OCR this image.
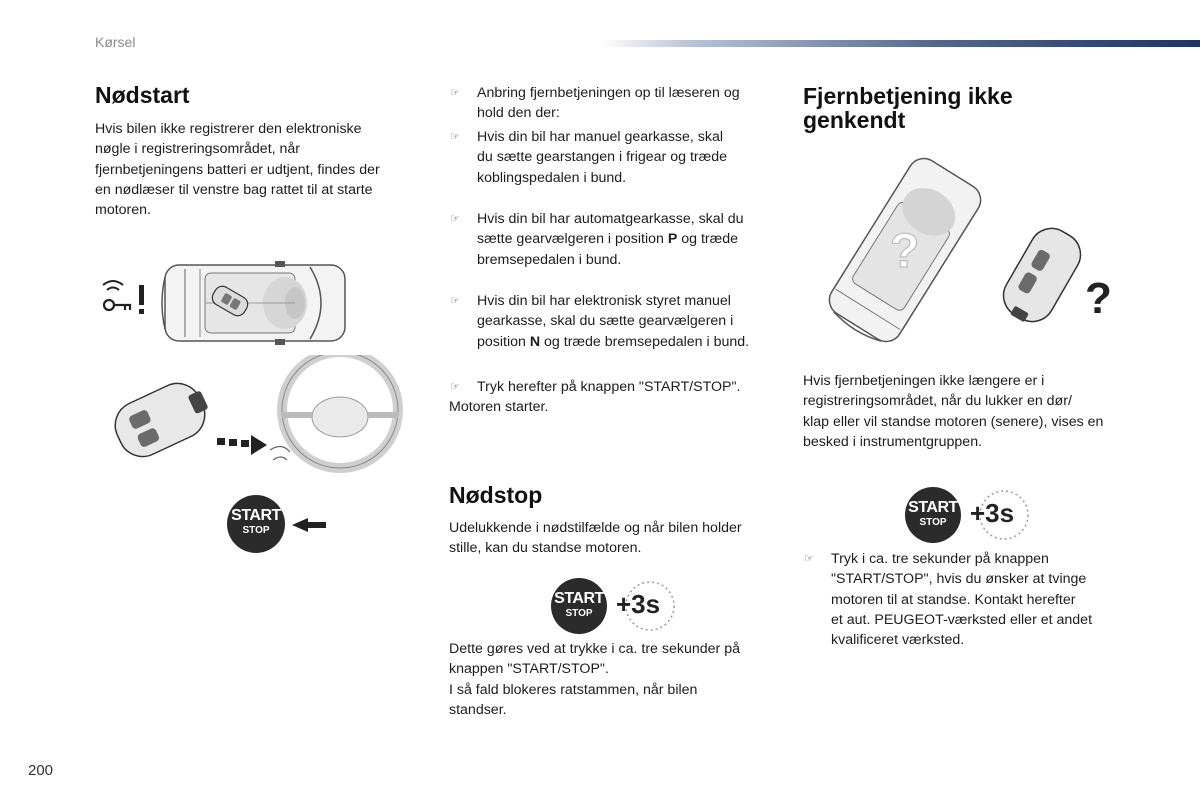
Kørsel
Nødstart
Hvis bilen ikke registrerer den elektroniske
nøgle i registreringsområdet, når
fjernbetjeningens batteri er udtjent, findes der
en nødlæser til venstre bag rattet til at starte
motoren.
START
STOP
☞ Anbring fjernbetjeningen op til læseren og
hold den der:
☞ Hvis din bil har manuel gearkasse, skal
du sætte gearstangen i frigear og træde
koblingspedalen i bund.
☞ Hvis din bil har automatgearkasse, skal du
sætte gearvælgeren i position P og træde
bremsepedalen i bund.
☞ Hvis din bil har elektronisk styret manuel
gearkasse, skal du sætte gearvælgeren i
position N og træde bremsepedalen i bund.
☞ Tryk herefter på knappen "START/STOP".
Motoren starter.
Nødstop
Udelukkende i nødstilfælde og når bilen holder
stille, kan du standse motoren.
START
STOP +3s
Dette gøres ved at trykke i ca. tre sekunder på
knappen "START/STOP".
I så fald blokeres ratstammen, når bilen
standser.
Fjernbetjening ikke
genkendt
?
?
Hvis fjernbetjeningen ikke længere er i
registreringsområdet, når du lukker en dør/
klap eller vil standse motoren (senere), vises en
besked i instrumentgruppen.
START
STOP +3s
☞ Tryk i ca. tre sekunder på knappen
"START/STOP", hvis du ønsker at tvinge
motoren til at standse. Kontakt herefter
et aut. PEUGEOT-værksted eller et andet
kvalificeret værksted.
200
